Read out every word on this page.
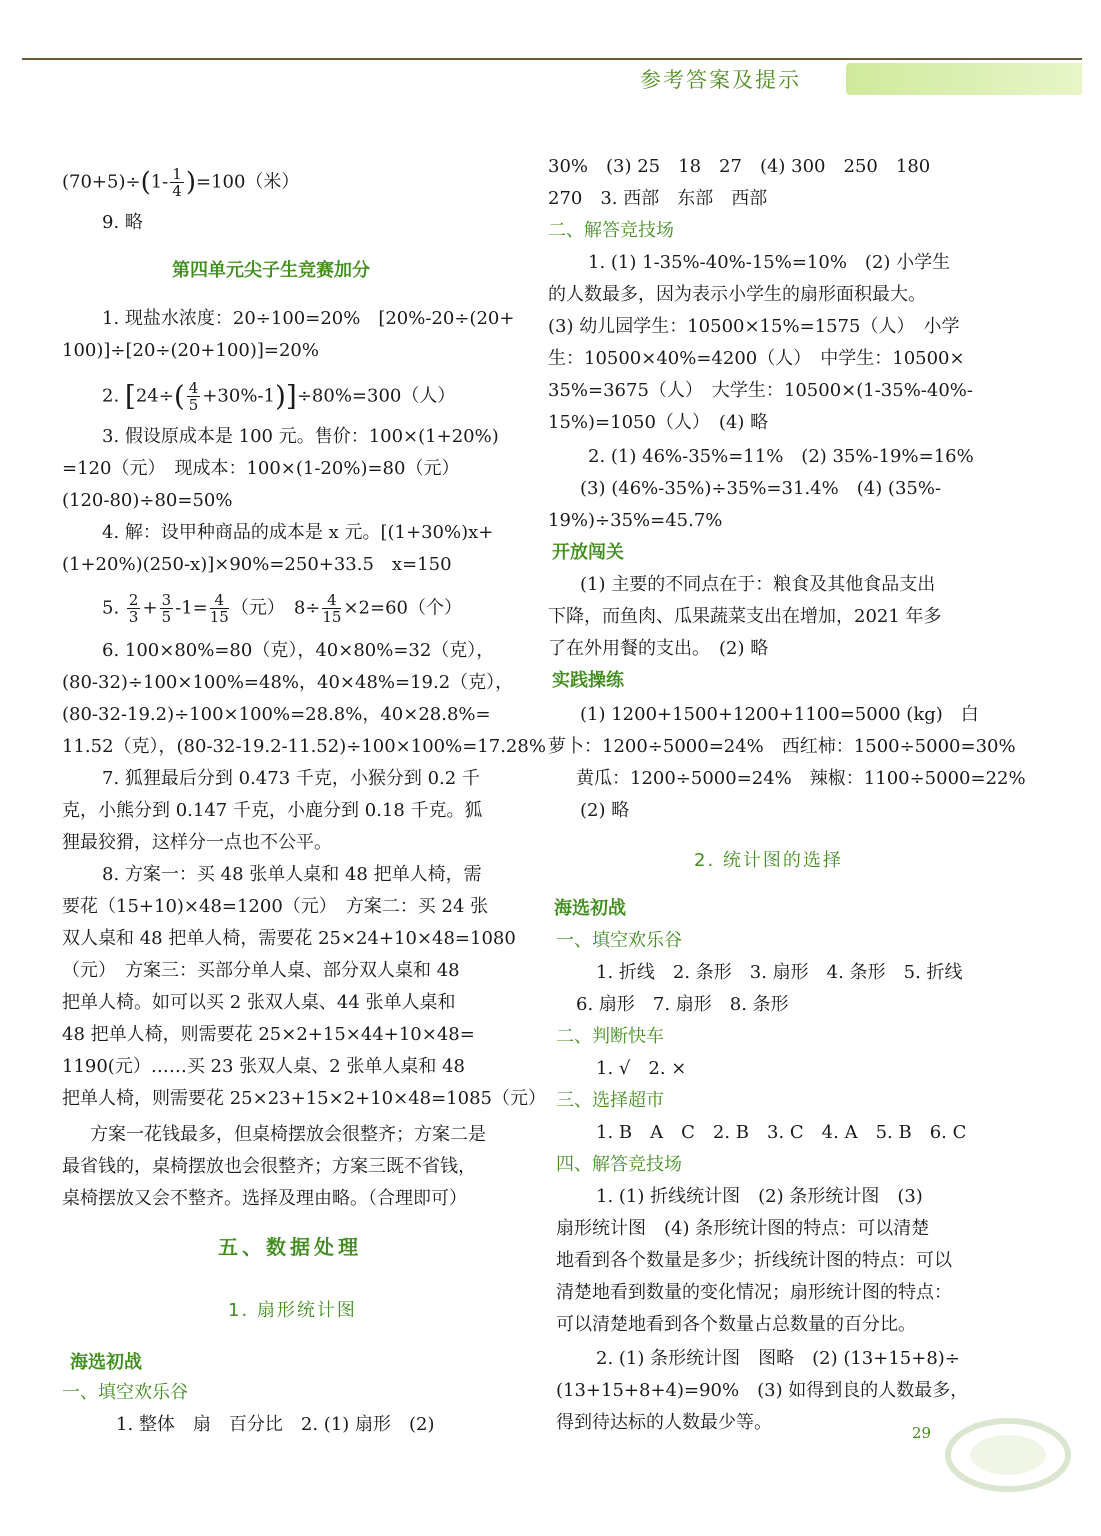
参考答案及提示
$(70+5)\div(1- \frac{1}{4} )=100$（米）
9. 略
第四单元尖子生竞赛加分
1. 现盐水浓度：20÷100=20%　[20%-20÷(20+
100)]÷[20÷(20+100)]=20%
2. $[24\div( \frac{4}{5} +30\%-1)]\div 80\%=300$（人）
3. 假设原成本是 100 元。售价：100×(1+20%)
=120（元）　现成本：100×(1-20%)=80（元）
(120-80)÷80=50%
4. 解：设甲种商品的成本是 x 元。[(1+30%)x+
(1+20%)(250-x)]×90%=250+33.5　x=150
5. $\frac{2}{3} + \frac{3}{5} -1= \frac{4}{15}$ （元）　$8\div \frac{4}{15} \times 2=60$（个）
6. 100×80%=80（克），40×80%=32（克），
(80-32)÷100×100%=48%，40×48%=19.2（克），
(80-32-19.2)÷100×100%=28.8%，40×28.8%=
11.52（克），(80-32-19.2-11.52)÷100×100%=17.28%
7. 狐狸最后分到 0.473 千克，小猴分到 0.2 千
克，小熊分到 0.147 千克，小鹿分到 0.18 千克。狐
狸最狡猾，这样分一点也不公平。
8. 方案一：买 48 张单人桌和 48 把单人椅，需
要花（15+10)×48=1200（元）　方案二：买 24 张
双人桌和 48 把单人椅，需要花 25×24+10×48=1080
（元）　方案三：买部分单人桌、部分双人桌和 48
把单人椅。如可以买 2 张双人桌、44 张单人桌和
48 把单人椅，则需要花 25×2+15×44+10×48=
1190(元）……买 23 张双人桌、2 张单人桌和 48
把单人椅，则需要花 25×23+15×2+10×48=1085（元）
方案一花钱最多，但桌椅摆放会很整齐；方案二是
最省钱的，桌椅摆放也会很整齐；方案三既不省钱，
桌椅摆放又会不整齐。选择及理由略。（合理即可）
五、数据处理
1. 扇形统计图
海选初战
一、填空欢乐谷
1. 整体　扇　百分比　2. (1) 扇形　(2)
30%　(3) 25　18　27　(4) 300　250　180
270　3. 西部　东部　西部
二、解答竞技场
1. (1) 1-35%-40%-15%=10%　(2) 小学生
的人数最多，因为表示小学生的扇形面积最大。
(3) 幼儿园学生：10500×15%=1575（人）　小学
生：10500×40%=4200（人）　中学生：10500×
35%=3675（人）　大学生：10500×(1-35%-40%-
15%)=1050（人）　(4) 略
2. (1) 46%-35%=11%　(2) 35%-19%=16%
(3) (46%-35%)÷35%=31.4%　(4) (35%-
19%)÷35%=45.7%
开放闯关
(1) 主要的不同点在于：粮食及其他食品支出
下降，而鱼肉、瓜果蔬菜支出在增加，2021 年多
了在外用餐的支出。　(2) 略
实践操练
(1) 1200+1500+1200+1100=5000 (kg)　白
萝卜：1200÷5000=24%　西红柿：1500÷5000=30%
黄瓜：1200÷5000=24%　辣椒：1100÷5000=22%
(2) 略
2. 统计图的选择
海选初战
一、填空欢乐谷
1. 折线　2. 条形　3. 扇形　4. 条形　5. 折线
6. 扇形　7. 扇形　8. 条形
二、判断快车
1. √　2. ×
三、选择超市
1. B　A　C　2. B　3. C　4. A　5. B　6. C
四、解答竞技场
1. (1) 折线统计图　(2) 条形统计图　(3)
扇形统计图　(4) 条形统计图的特点：可以清楚
地看到各个数量是多少；折线统计图的特点：可以
清楚地看到数量的变化情况；扇形统计图的特点：
可以清楚地看到各个数量占总数量的百分比。
2. (1) 条形统计图　图略　(2) (13+15+8)÷
(13+15+8+4)=90%　(3) 如得到良的人数最多，
得到待达标的人数最少等。	29
